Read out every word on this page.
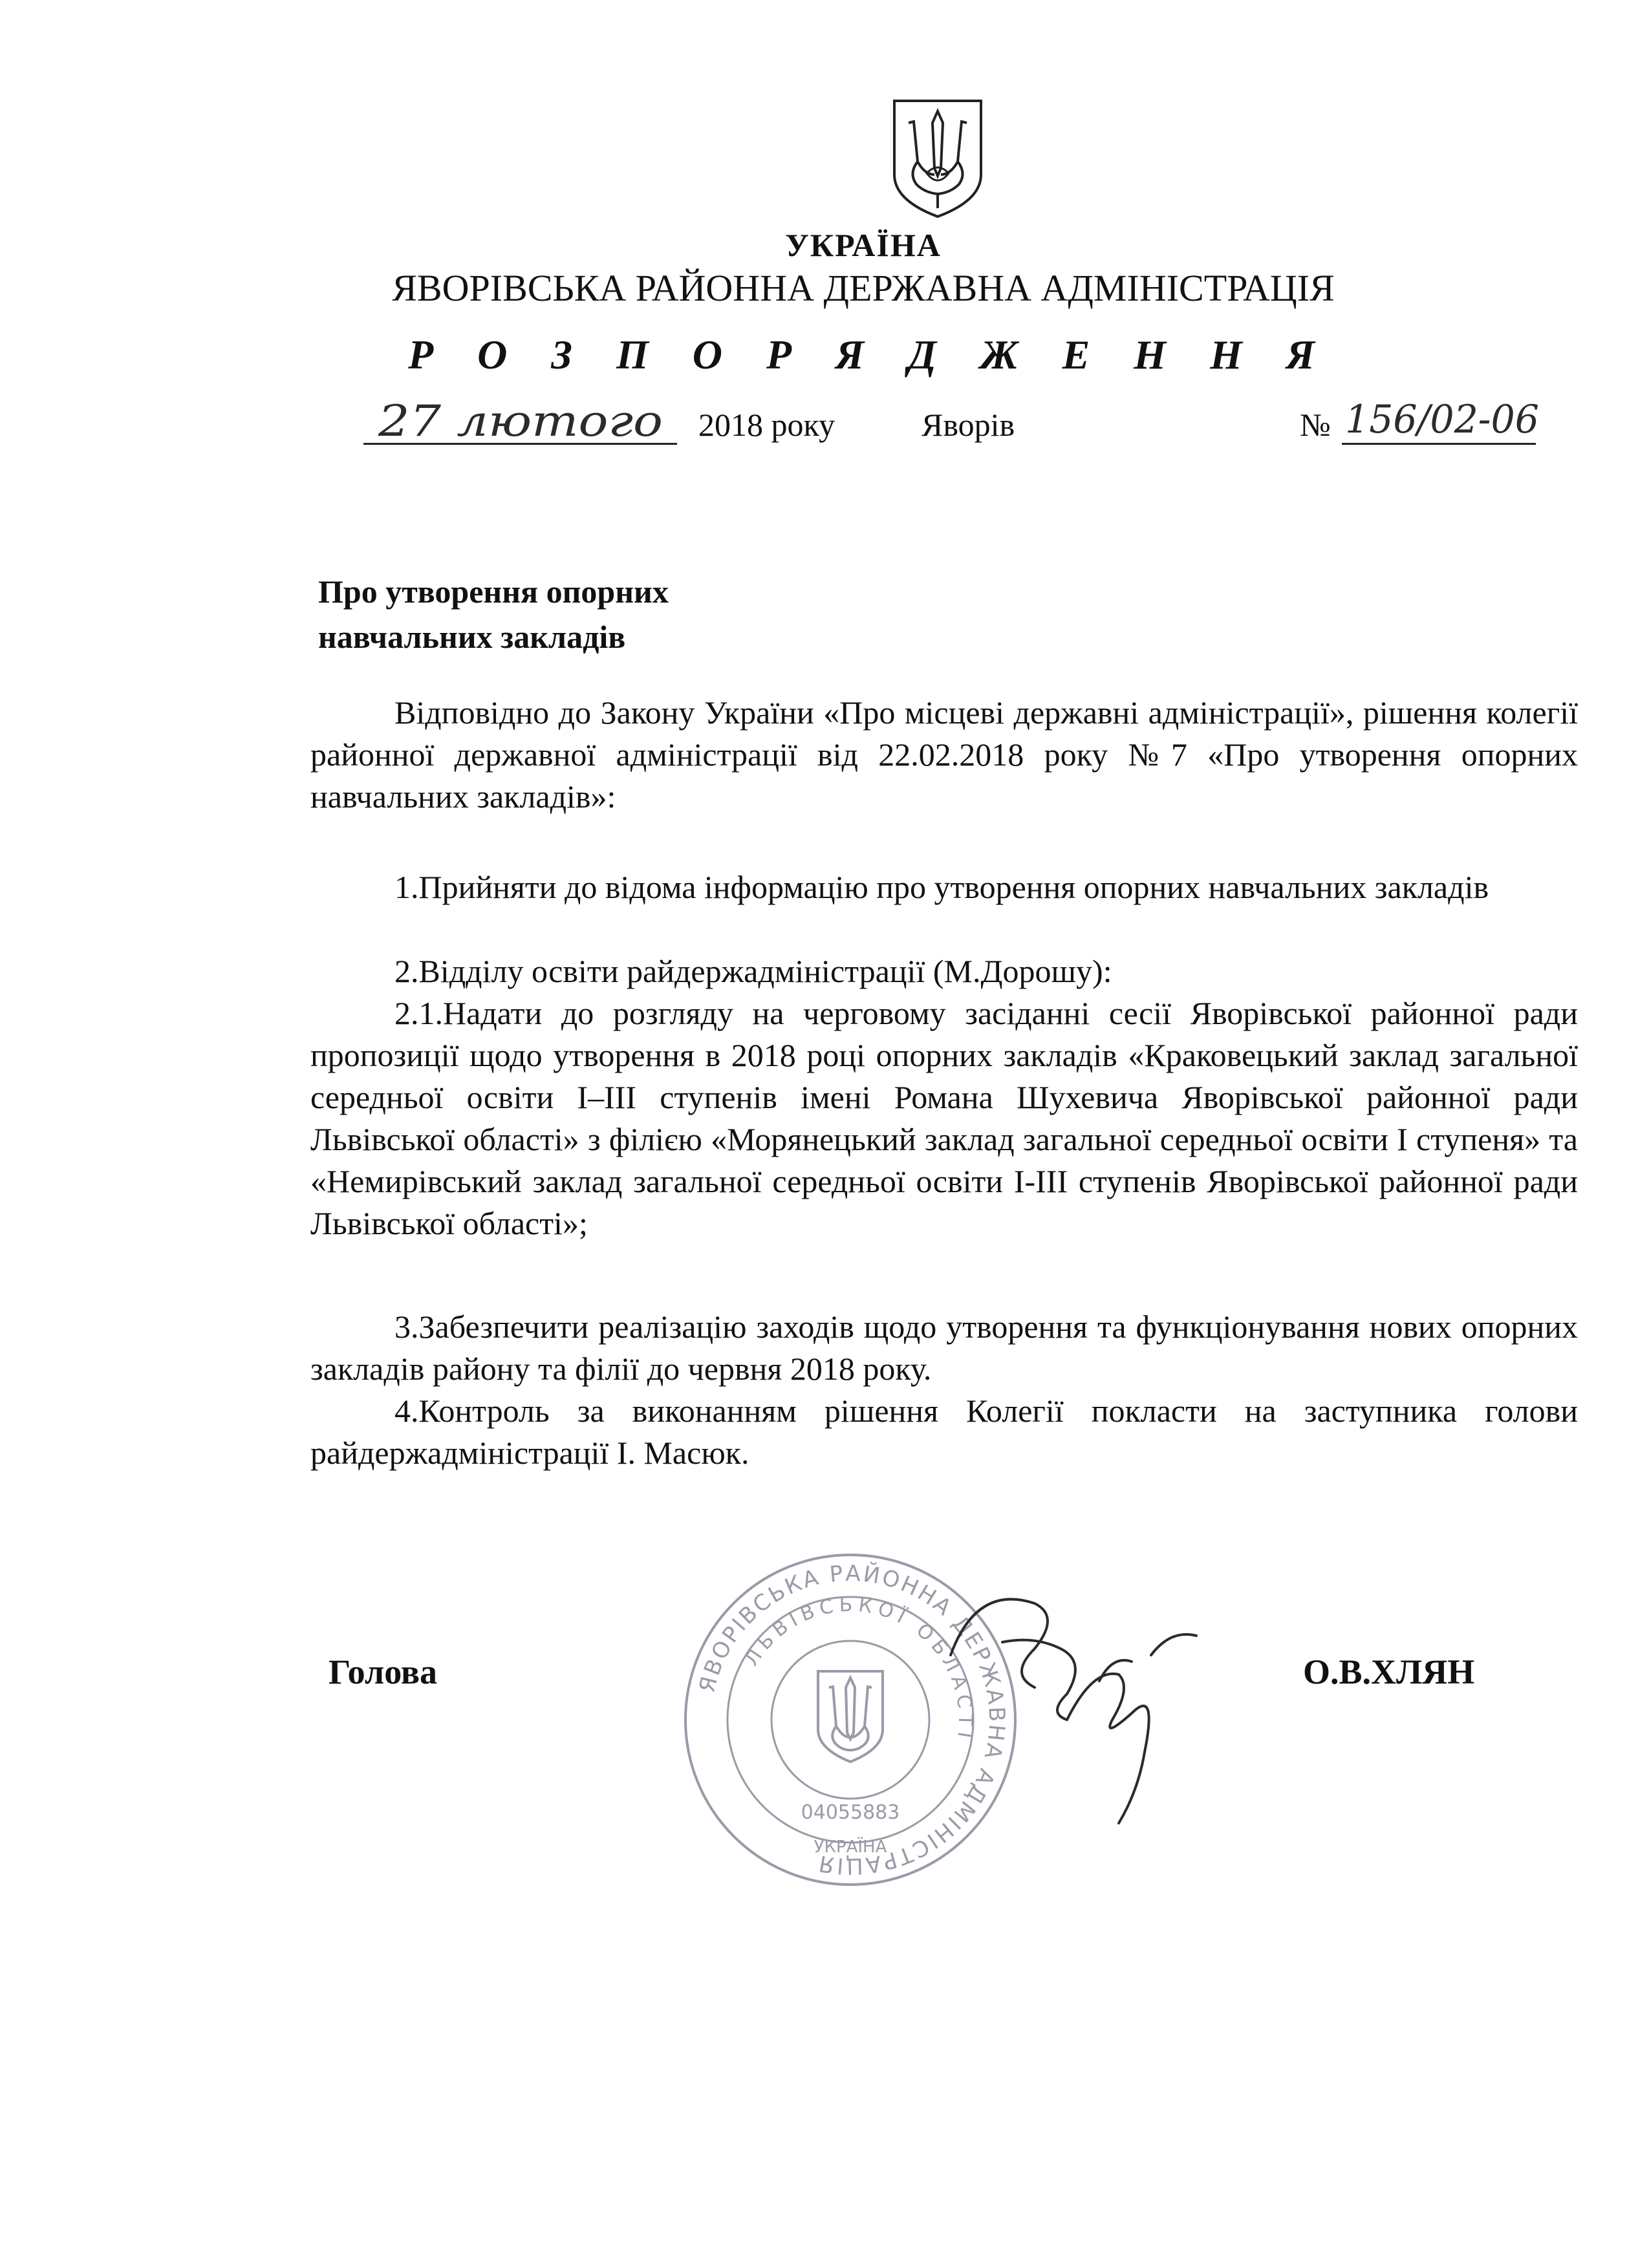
УКРАЇНА
ЯВОРІВСЬКА РАЙОННА ДЕРЖАВНА АДМІНІСТРАЦІЯ
Р О З П О Р Я Д Ж Е Н Н Я
27 лютого 2018 року	Яворів	№ 156/02-06
Про утворення опорних
навчальних закладів
Відповідно до Закону України «Про місцеві державні адміністрації», рішення колегії районної державної адміністрації від 22.02.2018 року №7 «Про утворення опорних навчальних закладів»:
1.Прийняти до відома інформацію про утворення опорних навчальних закладів
2.Відділу освіти райдержадміністрації (М.Дорошу):
2.1.Надати до розгляду на черговому засіданні сесії Яворівської районної ради пропозиції щодо утворення в 2018 році опорних закладів «Краковецький заклад загальної середньої освіти І–ІІІ ступенів імені Романа Шухевича Яворівської районної ради Львівської області» з філією «Морянецький заклад загальної середньої освіти І ступеня» та «Немирівський заклад загальної середньої освіти І-ІІІ ступенів Яворівської районної ради Львівської області»;
3.Забезпечити реалізацію заходів щодо утворення та функціонування нових опорних закладів району та філії до червня 2018 року.
4.Контроль за виконанням рішення Колегії покласти на заступника голови райдержадміністрації І. Масюк.
ЯВОРІВСЬКА РАЙОННА ДЕРЖАВНА АДМІНІСТРАЦІЯ
ЛЬВІВСЬКОЇ ОБЛАСТІ
04055883
УКРАЇНА
Голова	О.В.ХЛЯН
